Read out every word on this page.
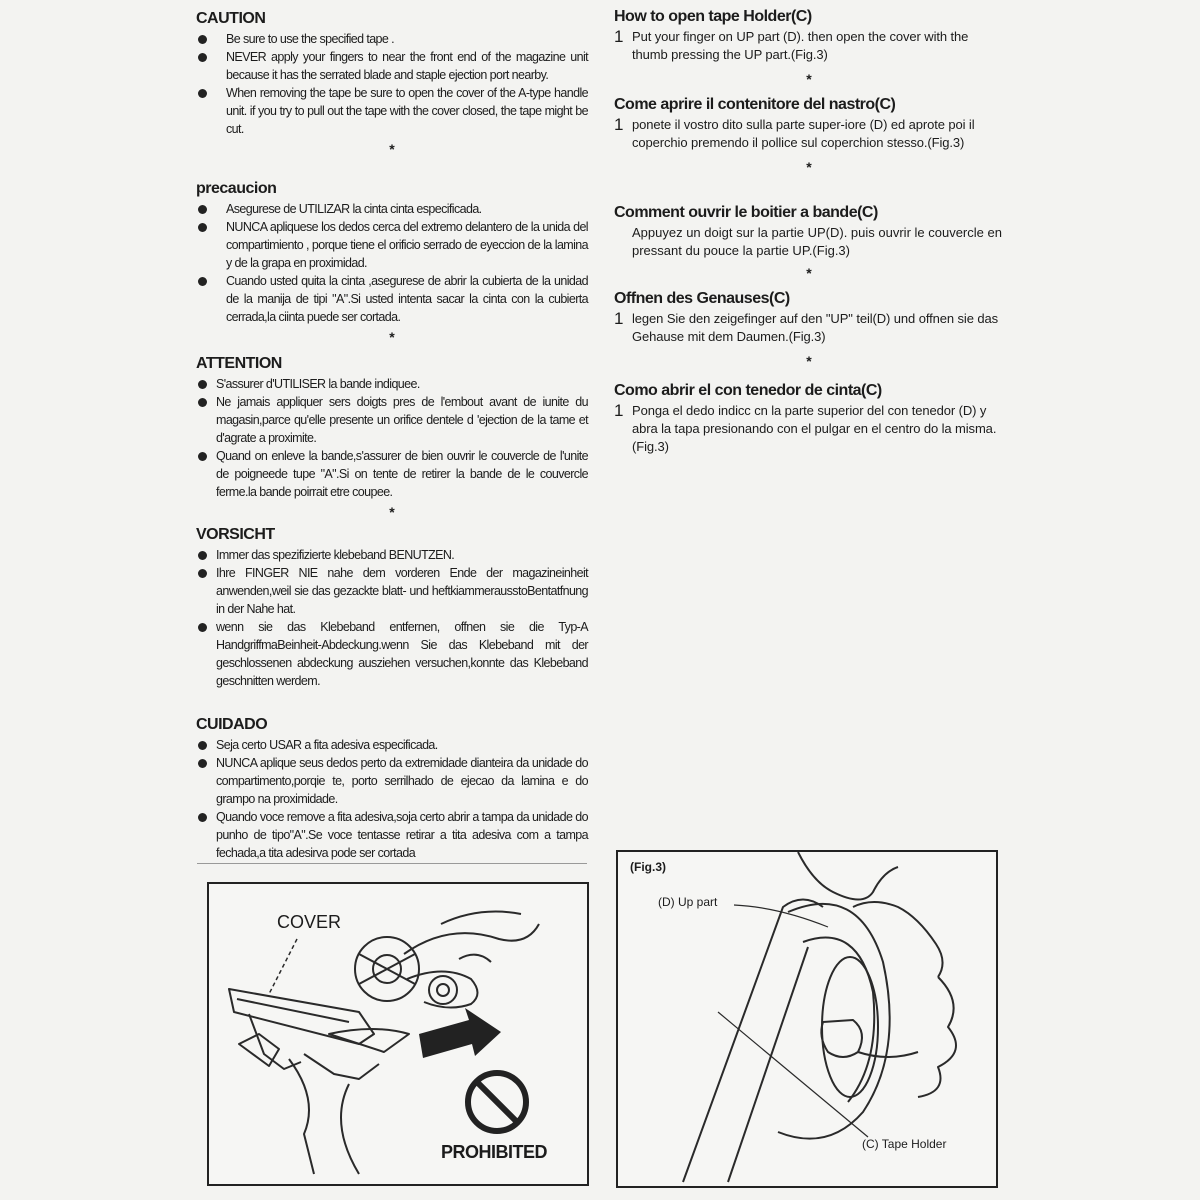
CAUTION
Be sure to use the specified tape .
NEVER apply your fingers to near the front end of the magazine unit because it has the serrated blade and staple ejection port nearby.
When removing the tape be sure to open the cover of the A-type handle unit. if you try to pull out the tape with the cover closed, the tape might be cut.
*
precaucion
Asegurese de UTILIZAR la cinta cinta especificada.
NUNCA apliquese los dedos cerca del extremo delantero de la unida del compartimiento , porque tiene el orificio serrado de eyeccion de la lamina y de la grapa en proximidad.
Cuando usted quita la cinta ,asegurese de abrir la cubierta de la unidad de la manija de tipi "A".Si usted intenta sacar la cinta con la cubierta cerrada,la ciinta puede ser cortada.
*
ATTENTION
S'assurer d'UTILISER la bande indiquee.
Ne jamais appliquer sers doigts pres de l'embout avant de iunite du magasin,parce qu'elle presente un orifice dentele d 'ejection de la tame et d'agrate a proximite.
Quand on enleve la bande,s'assurer de bien ouvrir le couvercle de l'unite de poigneede tupe "A".Si on tente de retirer la bande de le couvercle ferme.la bande poirrait etre coupee.
*
VORSICHT
Immer das spezifizierte klebeband BENUTZEN.
Ihre FINGER NIE nahe dem vorderen Ende der magazineinheit anwenden,weil sie das gezackte blatt- und heftkiammerausstoBentatfnung in der Nahe hat.
wenn sie das Klebeband entfernen, offnen sie die Typ-A HandgriffmaBeinheit-Abdeckung.wenn Sie das Klebeband mit der geschlossenen abdeckung ausziehen versuchen,konnte das Klebeband geschnitten werdem.
CUIDADO
Seja certo USAR a fita adesiva especificada.
NUNCA aplique seus dedos perto da extremidade dianteira da unidade do compartimento,porqie te, porto serrilhado de ejecao da lamina e do grampo na proximidade.
Quando voce remove a fita adesiva,soja certo abrir a tampa da unidade do punho de tipo"A".Se voce tentasse retirar a tita adesiva com a tampa fechada,a tita adesirva pode ser cortada
How to open tape Holder(C)
1 Put your finger on UP part (D). then open the cover with the thumb pressing the UP part.(Fig.3)
*
Come aprire il contenitore del nastro(C)
1 ponete il vostro dito sulla parte super-iore (D) ed aprote poi il coperchio premendo il pollice sul coperchion stesso.(Fig.3)
*
Comment ouvrir le boitier a bande(C)
Appuyez un doigt sur la partie UP(D). puis ouvrir le couvercle en pressant du pouce la partie UP.(Fig.3)
*
Offnen des Genauses(C)
1 legen Sie den zeigefinger auf den "UP" teil(D) und offnen sie das Gehause mit dem Daumen.(Fig.3)
*
Como abrir el con tenedor de cinta(C)
1 Ponga el dedo indicc cn la parte superior del con tenedor (D) y abra la tapa presionando con el pulgar en el centro do la misma.(Fig.3)
COVER
PROHIBITED
(Fig.3)
(D) Up part
(C) Tape Holder
